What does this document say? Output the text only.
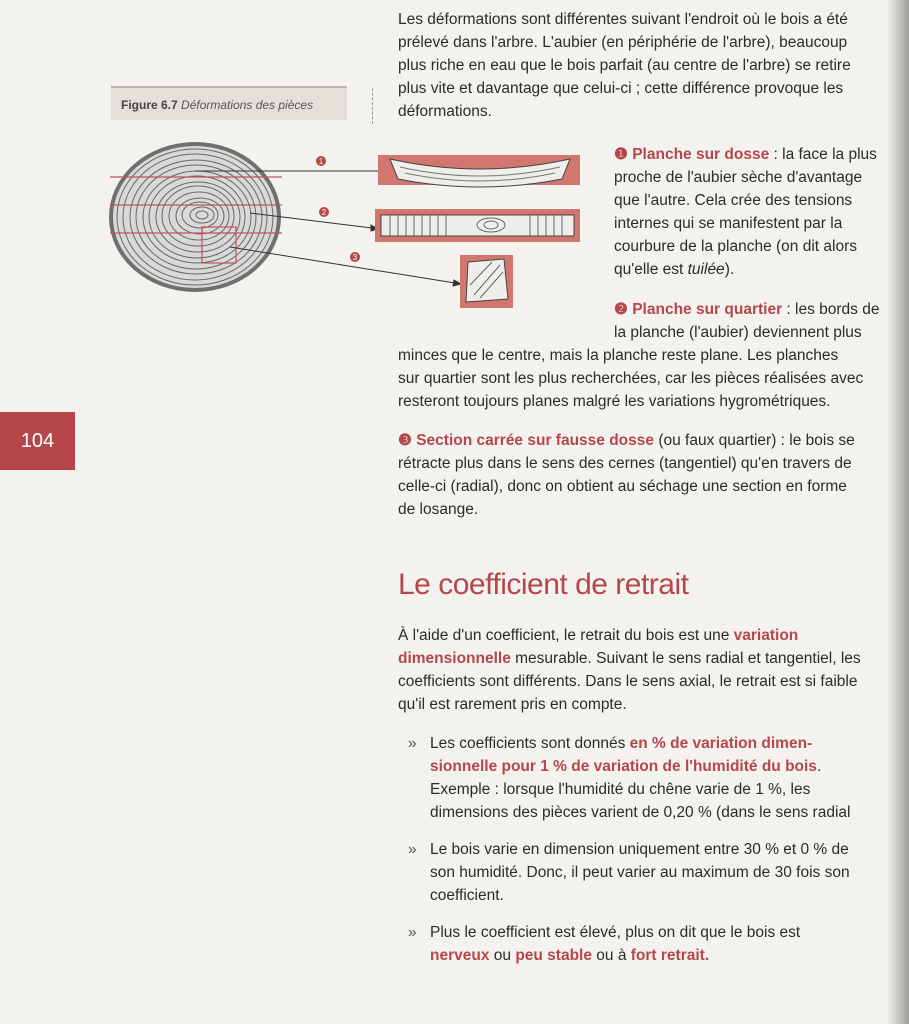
Les déformations sont différentes suivant l'endroit où le bois a été
prélevé dans l'arbre. L'aubier (en périphérie de l'arbre), beaucoup
plus riche en eau que le bois parfait (au centre de l'arbre) se retire
plus vite et davantage que celui-ci ; cette différence provoque les
déformations.
Figure 6.7 Déformations des pièces
1
2
3
❶ Planche sur dosse : la face la plus
proche de l'aubier sèche d'avantage
que l'autre. Cela crée des tensions
internes qui se manifestent par la
courbure de la planche (on dit alors
qu'elle est tuilée).
❷ Planche sur quartier : les bords de
la planche (l'aubier) deviennent plus
minces que le centre, mais la planche reste plane. Les planches
sur quartier sont les plus recherchées, car les pièces réalisées avec
resteront toujours planes malgré les variations hygrométriques.
❸ Section carrée sur fausse dosse (ou faux quartier) : le bois se
rétracte plus dans le sens des cernes (tangentiel) qu'en travers de
celle-ci (radial), donc on obtient au séchage une section en forme
de losange.
104
Le coefficient de retrait
À l'aide d'un coefficient, le retrait du bois est une variation
dimensionnelle mesurable. Suivant le sens radial et tangentiel, les
coefficients sont différents. Dans le sens axial, le retrait est si faible
qu'il est rarement pris en compte.
» Les coefficients sont donnés en % de variation dimen-
sionnelle pour 1 % de variation de l'humidité du bois.
Exemple : lorsque l'humidité du chêne varie de 1 %, les
dimensions des pièces varient de 0,20 % (dans le sens radial
» Le bois varie en dimension uniquement entre 30 % et 0 % de
son humidité. Donc, il peut varier au maximum de 30 fois son
coefficient.
» Plus le coefficient est élevé, plus on dit que le bois est
nerveux ou peu stable ou à fort retrait.
